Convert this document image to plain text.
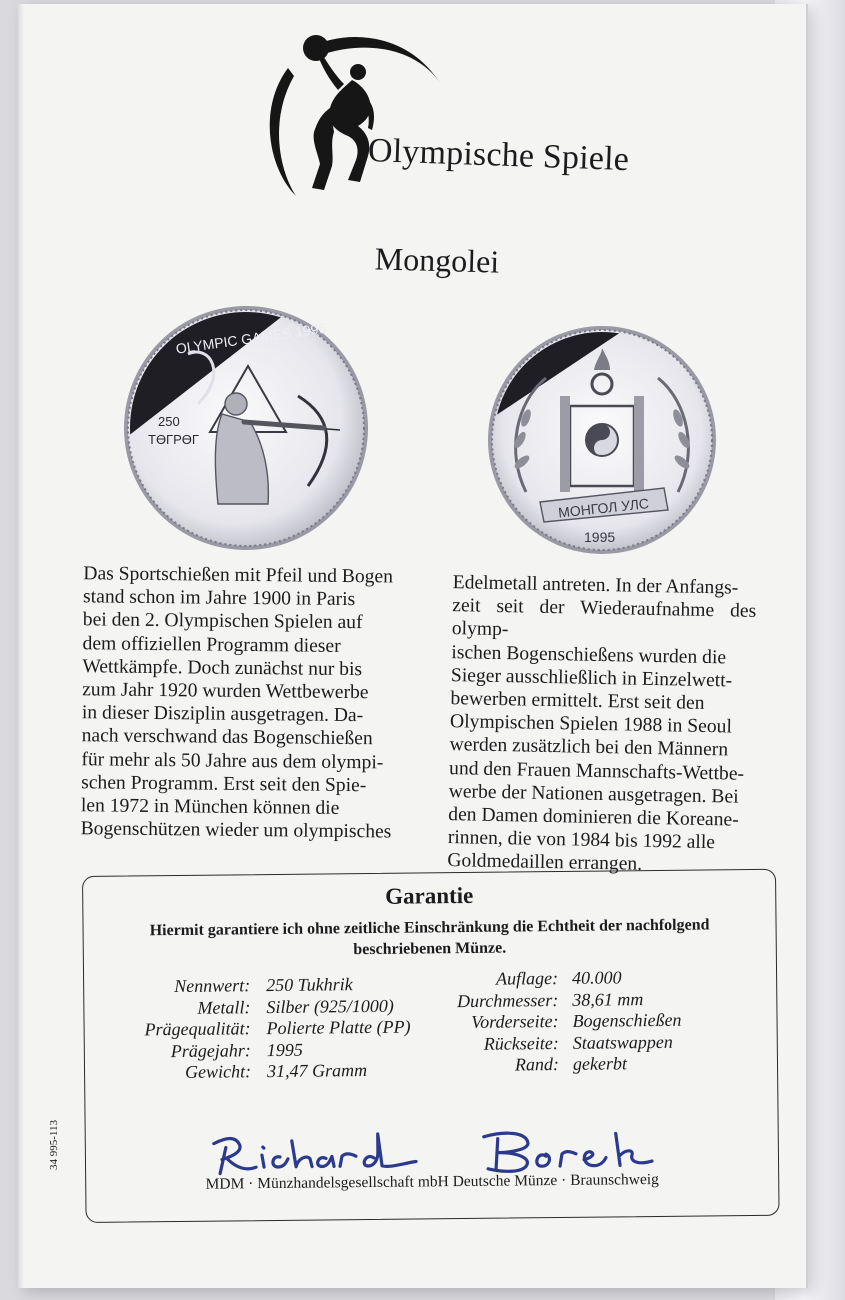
Olympische Spiele
Mongolei
OLYMPIC GAMES 1996
250
ТӨГРӨГ
МОНГОЛ УЛС
1995

Das Sportschießen mit Pfeil und Bogen

stand schon im Jahre 1900 in Paris

bei den 2. Olympischen Spielen auf

dem offiziellen Programm dieser

Wettkämpfe. Doch zunächst nur bis

zum Jahr 1920 wurden Wettbewerbe

in dieser Disziplin ausgetragen. Da-

nach verschwand das Bogenschießen

für mehr als 50 Jahre aus dem olympi-

schen Programm. Erst seit den Spie-

len 1972 in München können die

Bogenschützen wieder um olympisches

Edelmetall antreten. In der Anfangs-

zeit seit der Wiederaufnahme des olymp-

ischen Bogenschießens wurden die

Sieger ausschließlich in Einzelwett-

bewerben ermittelt. Erst seit den

Olympischen Spielen 1988 in Seoul

werden zusätzlich bei den Männern

und den Frauen Mannschafts-Wettbe-

werbe der Nationen ausgetragen. Bei

den Damen dominieren die Koreane-

rinnen, die von 1984 bis 1992 alle

Goldmedaillen errangen.

Garantie
Hiermit garantiere ich ohne zeitliche Einschränkung die Echtheit der nachfolgend beschriebenen Münze.
Nennwert: 250 Tukhrik
Metall: Silber (925/1000)
Prägequalität: Polierte Platte (PP)
Prägejahr: 1995
Gewicht: 31,47 Gramm
Auflage: 40.000
Durchmesser: 38,61 mm
Vorderseite: Bogenschießen
Rückseite: Staatswappen
Rand: gekerbt
MDM · Münzhandelsgesellschaft mbH Deutsche Münze · Braunschweig
34 995-113
